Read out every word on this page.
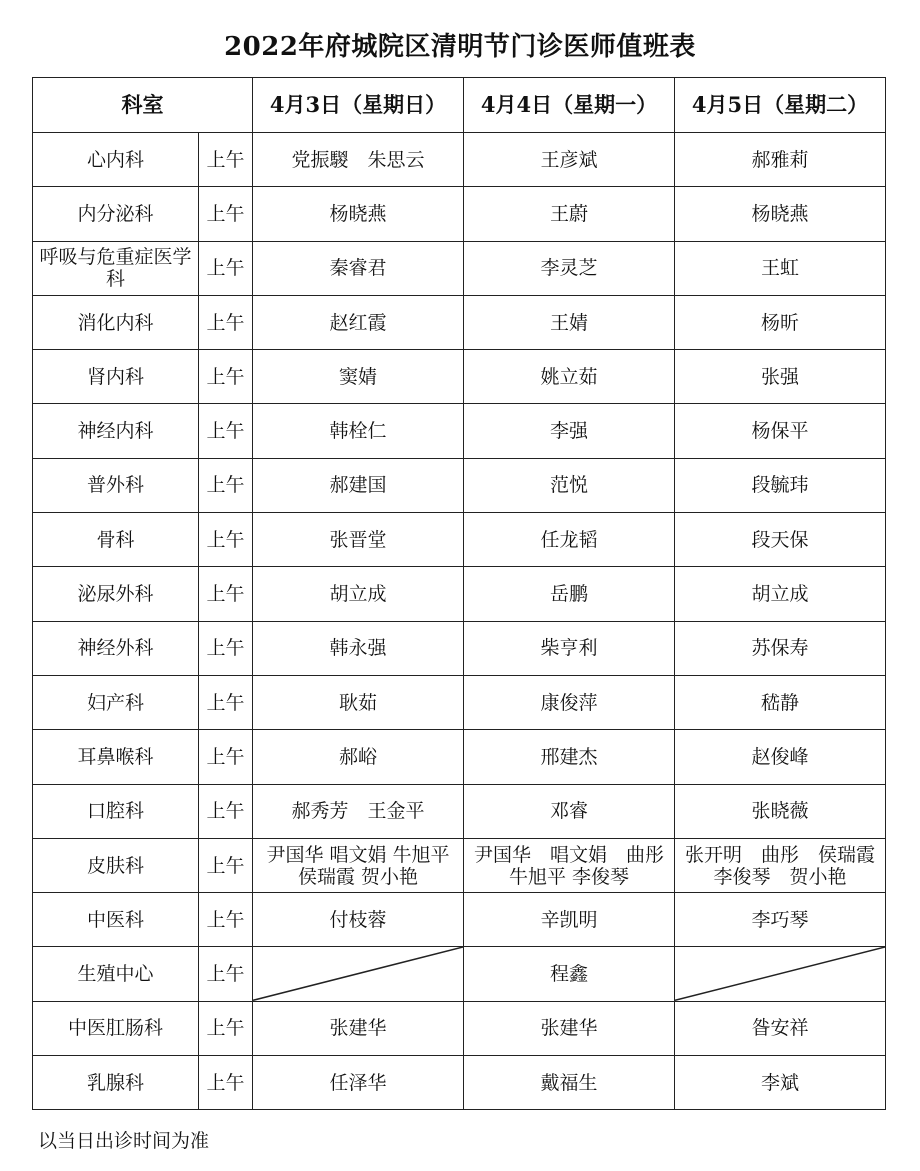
2022年府城院区清明节门诊医师值班表
科室		4月3日（星期日）	4月4日（星期一）	4月5日（星期二）
心内科	上午	党振騣　朱思云	王彦斌	郝雅莉
内分泌科	上午	杨晓燕	王蔚	杨晓燕
呼吸与危重症医学科	上午	秦睿君	李灵芝	王虹
消化内科	上午	赵红霞	王婧	杨昕
肾内科	上午	窦婧	姚立茹	张强
神经内科	上午	韩栓仁	李强	杨保平
普外科	上午	郝建国	范悦	段毓玮
骨科	上午	张晋堂	任龙韬	段天保
泌尿外科	上午	胡立成	岳鹏	胡立成
神经外科	上午	韩永强	柴亨利	苏保寿
妇产科	上午	耿茹	康俊萍	嵇静
耳鼻喉科	上午	郝峪	邢建杰	赵俊峰
口腔科	上午	郝秀芳　王金平	邓睿	张晓薇
皮肤科	上午	尹国华 唱文娟 牛旭平 侯瑞霞 贺小艳	尹国华　唱文娟　曲彤 牛旭平 李俊琴	张开明　曲彤　侯瑞霞 李俊琴　贺小艳
中医科	上午	付枝蓉	辛凯明	李巧琴
生殖中心	上午		程鑫	

中医肛肠科	上午	张建华	张建华	昝安祥
乳腺科	上午	任泽华	戴福生	李斌
以当日出诊时间为准
